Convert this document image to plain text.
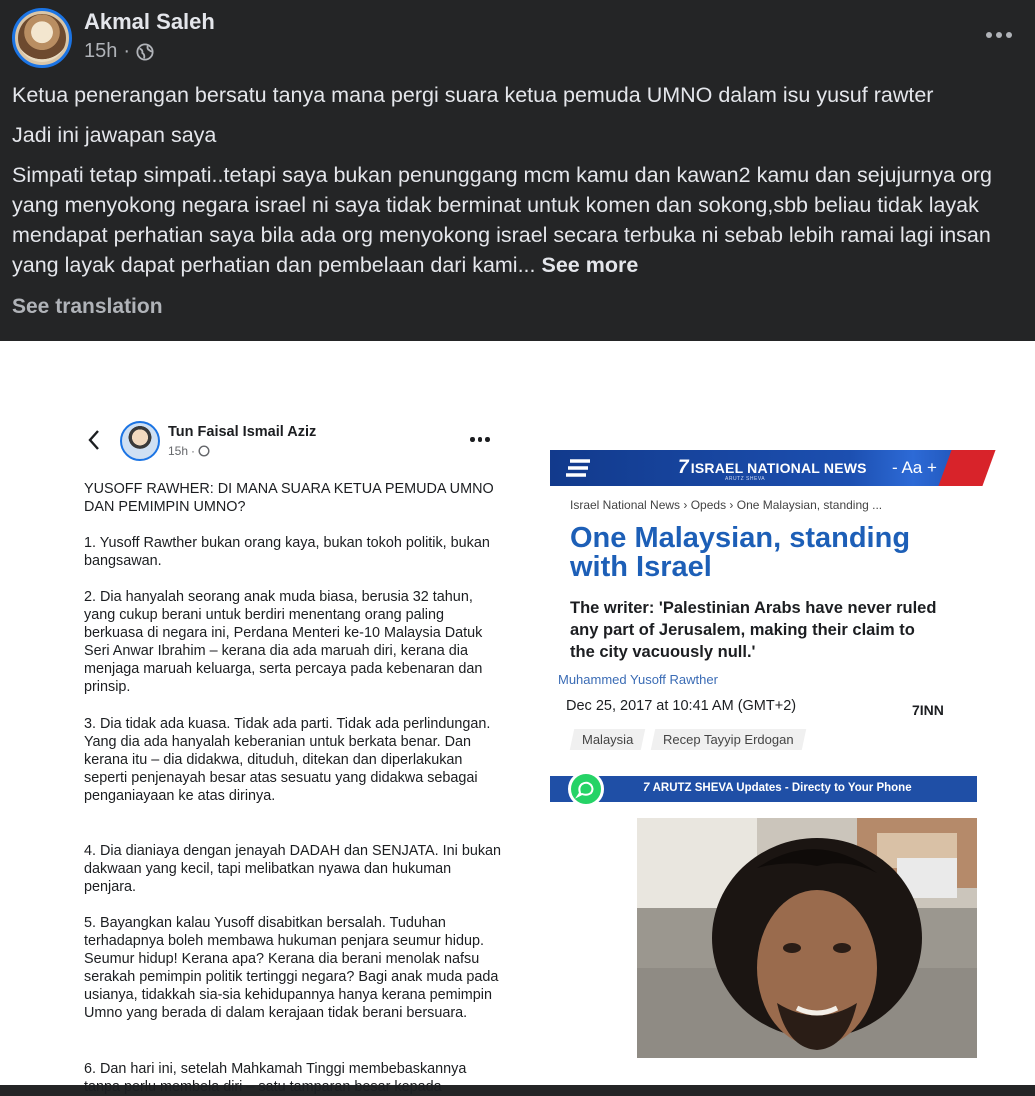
Akmal Saleh
15h ·
Ketua penerangan bersatu tanya mana pergi suara ketua pemuda UMNO dalam isu yusuf rawter
Jadi ini jawapan saya
Simpati tetap simpati..tetapi saya bukan penunggang mcm kamu dan kawan2 kamu dan sejujurnya org yang menyokong negara israel ni saya tidak berminat untuk komen dan sokong,sbb beliau tidak layak mendapat perhatian saya bila ada org menyokong israel secara terbuka ni sebab lebih ramai lagi insan yang layak dapat perhatian dan pembelaan dari kami... See more
See translation
Tun Faisal Ismail Aziz
15h ·
YUSOFF RAWHER: DI MANA SUARA KETUA PEMUDA UMNO DAN PEMIMPIN UMNO?
1. Yusoff Rawther bukan orang kaya, bukan tokoh politik, bukan bangsawan.
2. Dia hanyalah seorang anak muda biasa, berusia 32 tahun, yang cukup berani untuk berdiri menentang orang paling berkuasa di negara ini, Perdana Menteri ke-10 Malaysia Datuk Seri Anwar Ibrahim – kerana dia ada maruah diri, kerana dia menjaga maruah keluarga, serta percaya pada kebenaran dan prinsip.
3. Dia tidak ada kuasa. Tidak ada parti. Tidak ada perlindungan. Yang dia ada hanyalah keberanian untuk berkata benar. Dan kerana itu – dia didakwa, dituduh, ditekan dan diperlakukan seperti penjenayah besar atas sesuatu yang didakwa sebagai penganiayaan ke atas dirinya.
4. Dia dianiaya dengan jenayah DADAH dan SENJATA. Ini bukan dakwaan yang kecil, tapi melibatkan nyawa dan hukuman penjara.
5. Bayangkan kalau Yusoff disabitkan bersalah. Tuduhan terhadapnya boleh membawa hukuman penjara seumur hidup. Seumur hidup! Kerana apa? Kerana dia berani menolak nafsu serakah pemimpin politik tertinggi negara? Bagi anak muda pada usianya, tidakkah sia-sia kehidupannya hanya kerana pemimpin Umno yang berada di dalam kerajaan tidak berani bersuara.
6. Dan hari ini, setelah Mahkamah Tinggi membebaskannya tanpa perlu membela diri – satu tamparan besar kepada
7 ISRAEL NATIONAL NEWS
ARUTZ SHEVA
- Aa +
Israel National News › Opeds › One Malaysian, standing ...
One Malaysian, standing with Israel
The writer: 'Palestinian Arabs have never ruled any part of Jerusalem, making their claim to the city vacuously null.'
Muhammed Yusoff Rawther
Dec 25, 2017 at 10:41 AM (GMT+2)	7INN
Malaysia	Recep Tayyip Erdogan
7 ARUTZ SHEVA Updates - Directy to Your Phone
